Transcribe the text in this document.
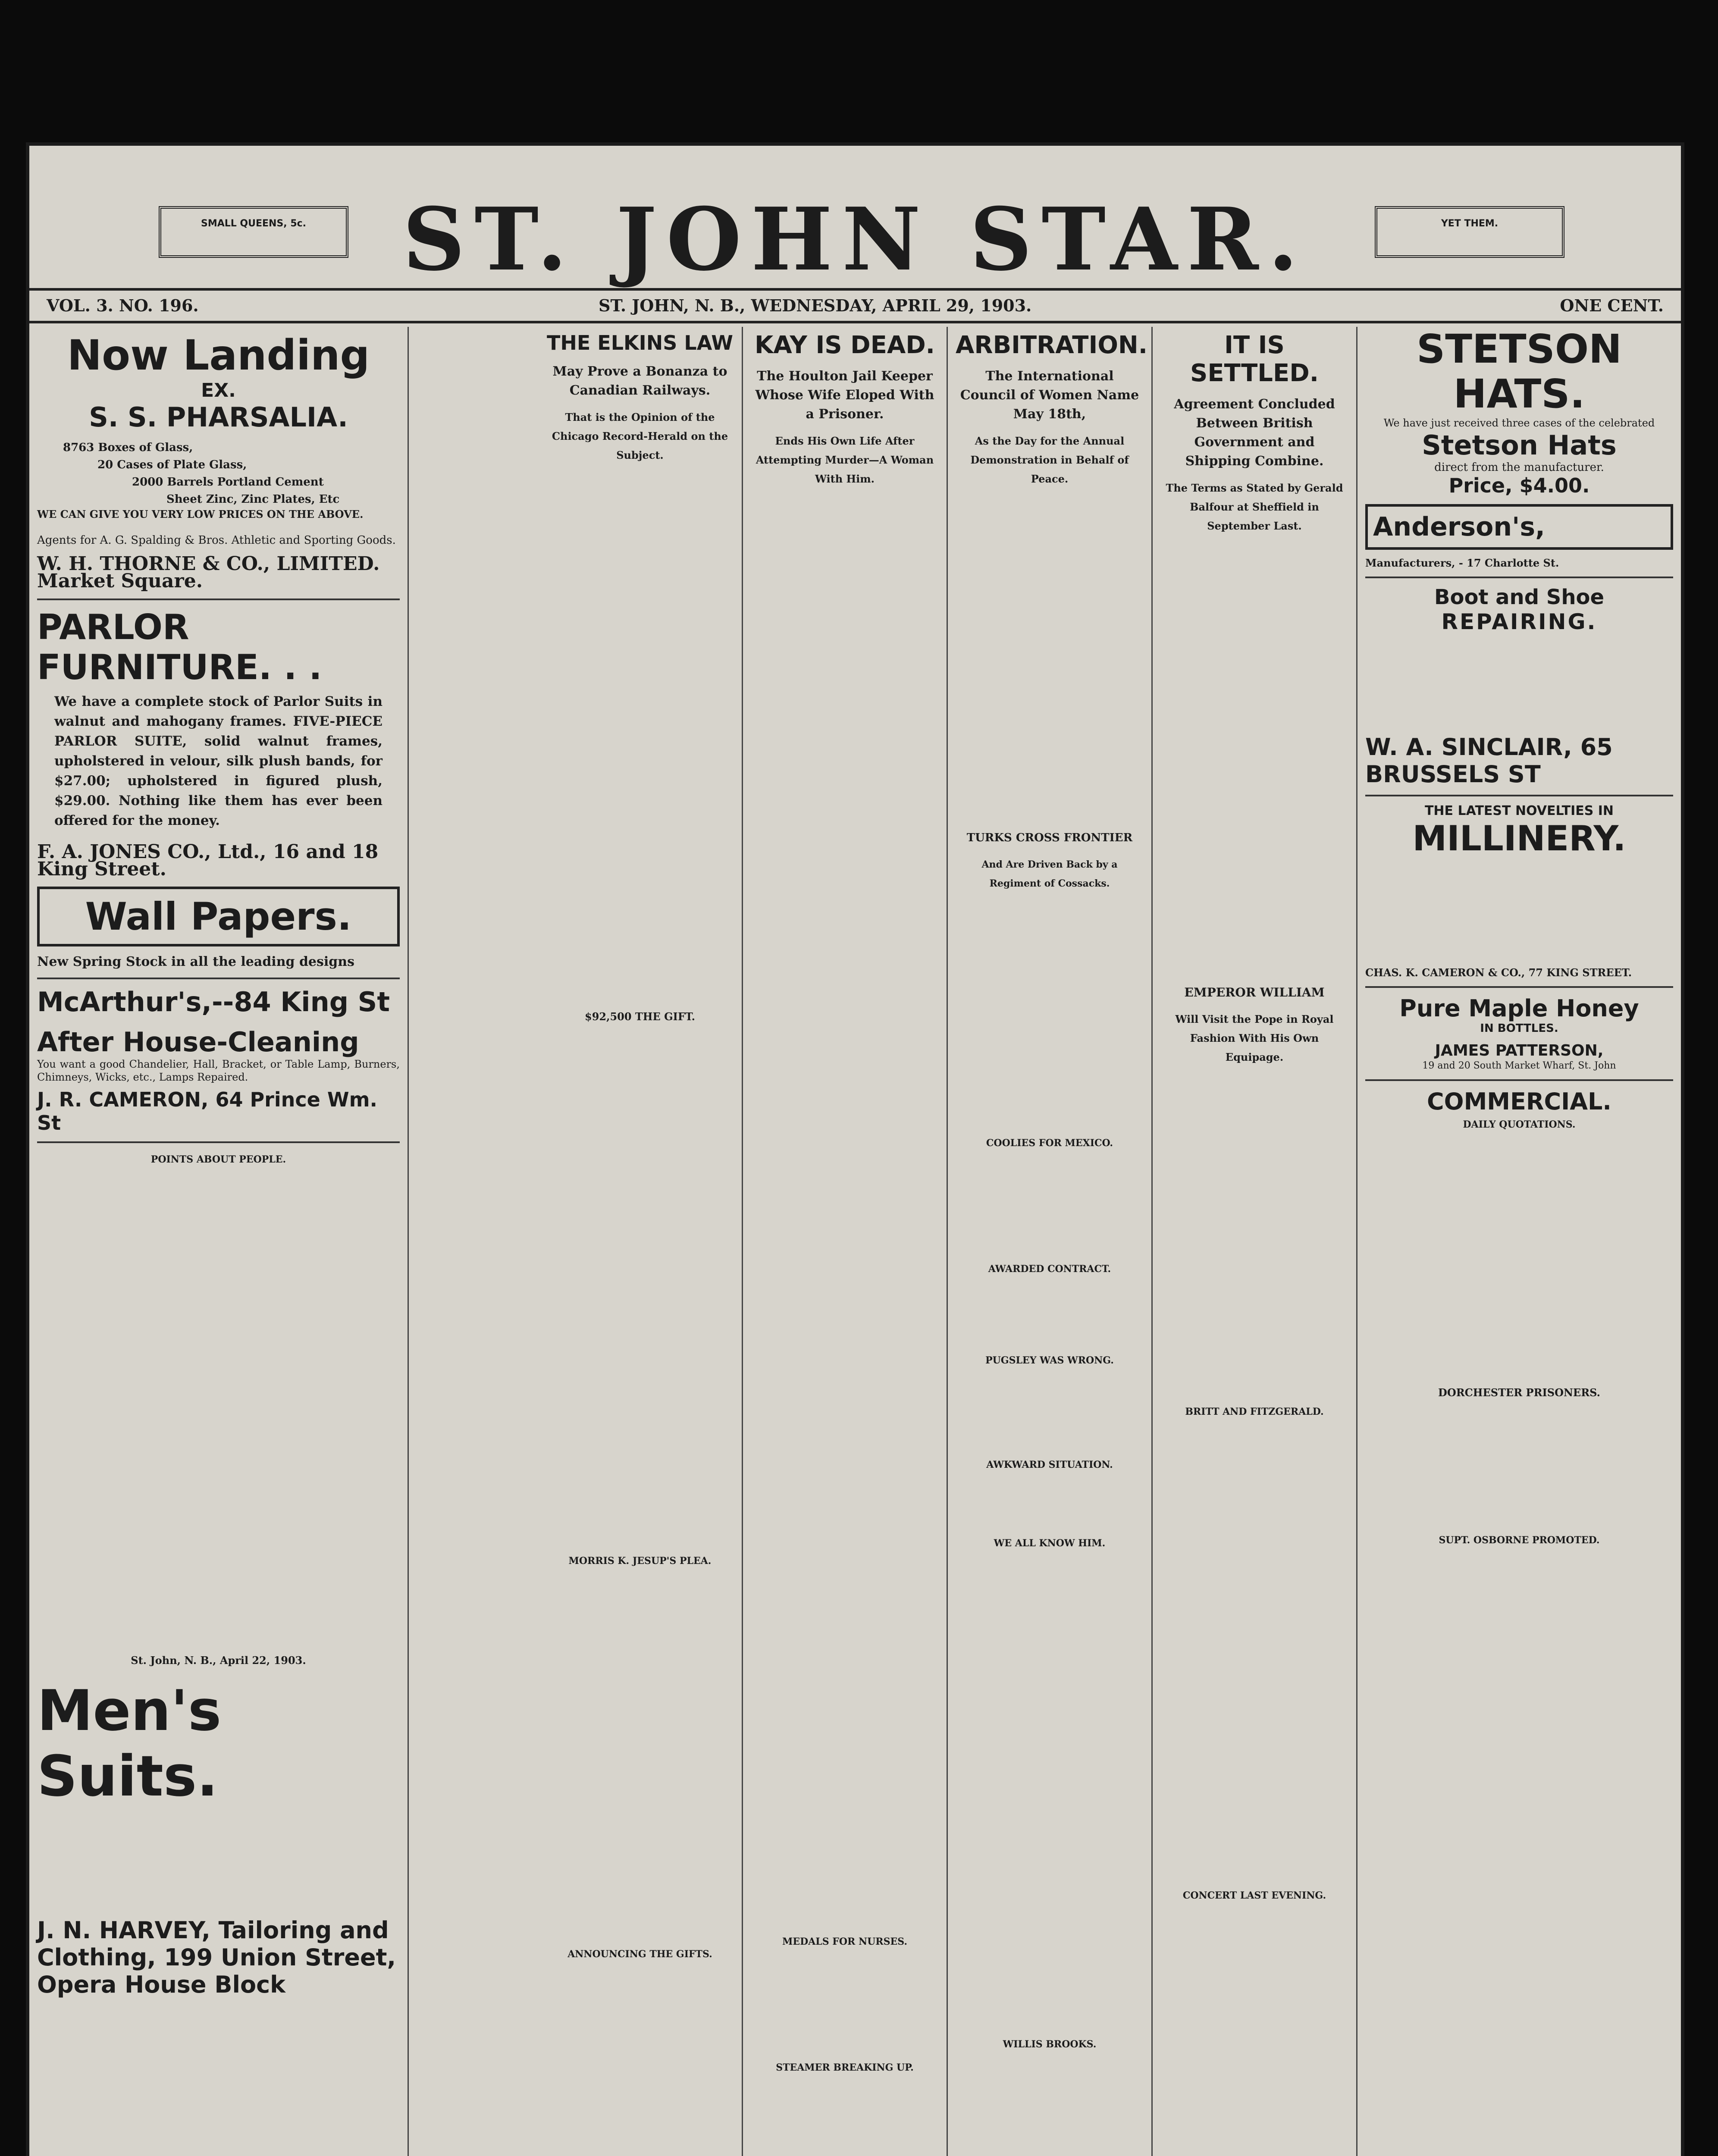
SMALL QUEENS, 5c.	ST. JOHN STAR.	YET THEM.
VOL. 3. NO. 196.	ST. JOHN, N. B., WEDNESDAY, APRIL 29, 1903.	ONE CENT.
Now Landing
EX.
S. S. PHARSALIA.
8763 Boxes of Glass,
20 Cases of Plate Glass,
2000 Barrels Portland Cement
Sheet Zinc, Zinc Plates, Etc
WE CAN GIVE YOU VERY LOW PRICES ON THE ABOVE.
Agents for A. G. Spalding & Bros. Athletic and Sporting Goods.
W. H. THORNE & CO., LIMITED. Market Square.
PARLOR
FURNITURE. . .
We have a complete stock of Parlor Suits in walnut and mahogany frames. FIVE-PIECE PARLOR SUITE, solid walnut frames, upholstered in velour, silk plush bands, for $27.00; upholstered in figured plush, $29.00. Nothing like them has ever been offered for the money.
F. A. JONES CO., Ltd., 16 and 18 King Street.
Wall Papers.
New Spring Stock in all the leading designs
McArthur's,--84 King St
After House-Cleaning
You want a good Chandelier, Hall, Bracket, or Table Lamp, Burners, Chimneys, Wicks, etc., Lamps Repaired.
J. R. CAMERON, 64 Prince Wm. St
POINTS ABOUT PEOPLE.
St. John, N. B., April 22, 1903.
Men's Suits.
J. N. HARVEY, Tailoring and Clothing, 199 Union Street, Opera House Block
THE ELKINS LAW
May Prove a Bonanza to Canadian Railways.
That is the Opinion of the Chicago Record-Herald on the Subject.
$92,500 THE GIFT.
MORRIS K. JESUP'S PLEA.
ANNOUNCING THE GIFTS.
KAY IS DEAD.
The Houlton Jail Keeper Whose Wife Eloped With a Prisoner.
Ends His Own Life After Attempting Murder—A Woman With Him.
MEDALS FOR NURSES.
STEAMER BREAKING UP.
ARBITRATION.
The International Council of Women Name May 18th,
As the Day for the Annual Demonstration in Behalf of Peace.
TURKS CROSS FRONTIER
And Are Driven Back by a Regiment of Cossacks.
COOLIES FOR MEXICO.
AWARDED CONTRACT.
PUGSLEY WAS WRONG.
AWKWARD SITUATION.
WE ALL KNOW HIM.
WILLIS BROOKS.
IT IS SETTLED.
Agreement Concluded Between British Government and Shipping Combine.
The Terms as Stated by Gerald Balfour at Sheffield in September Last.
EMPEROR WILLIAM
Will Visit the Pope in Royal Fashion With His Own Equipage.
BRITT AND FITZGERALD.
CONCERT LAST EVENING.
STETSON HATS.
We have just received three cases of the celebrated
Stetson Hats
direct from the manufacturer.
Price, $4.00.
Anderson's,
Manufacturers, - 17 Charlotte St.
Boot and Shoe
REPAIRING.
W. A. SINCLAIR, 65 BRUSSELS ST
THE LATEST NOVELTIES IN
MILLINERY.
CHAS. K. CAMERON & CO., 77 KING STREET.
Pure Maple Honey
IN BOTTLES.
JAMES PATTERSON,
19 and 20 South Market Wharf, St. John
COMMERCIAL.
DAILY QUOTATIONS.
DORCHESTER PRISONERS.
SUPT. OSBORNE PROMOTED.
